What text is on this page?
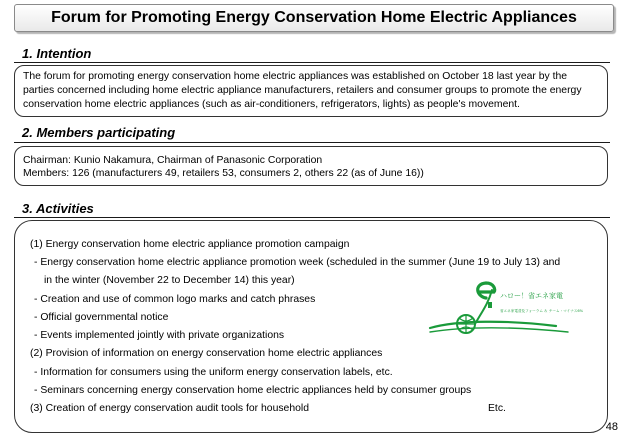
Forum for Promoting Energy Conservation Home Electric Appliances
1. Intention

The forum for promoting energy conservation home electric appliances was established on October 18 last year by the parties concerned including home electric appliance manufacturers, retailers and consumer groups to promote the energy conservation home electric appliances (such as air-conditioners, refrigerators, lights) as people's movement.

2. Members participating
Chairman: Kunio Nakamura, Chairman of Panasonic Corporation
Members: 126 (manufacturers 49, retailers 53, consumers 2, others 22 (as of June 16))
3. Activities
(1) Energy conservation home electric appliance promotion campaign
- Energy conservation home electric appliance promotion week (scheduled in the summer (June 19 to July 13) and
in the winter (November 22 to December 14) this year)
- Creation and use of common logo marks and catch phrases
- Official governmental notice
- Events implemented jointly with private organizations
(2) Provision of information on energy conservation home electric appliances
- Information for consumers using the uniform energy conservation labels, etc.
- Seminars concerning energy conservation home electric appliances held by consumer groups
(3) Creation of energy conservation audit tools for household	Etc.
ハロー！省エネ家電
省エネ家電普及フォーラム ＆ チーム・マイナス6%
48
